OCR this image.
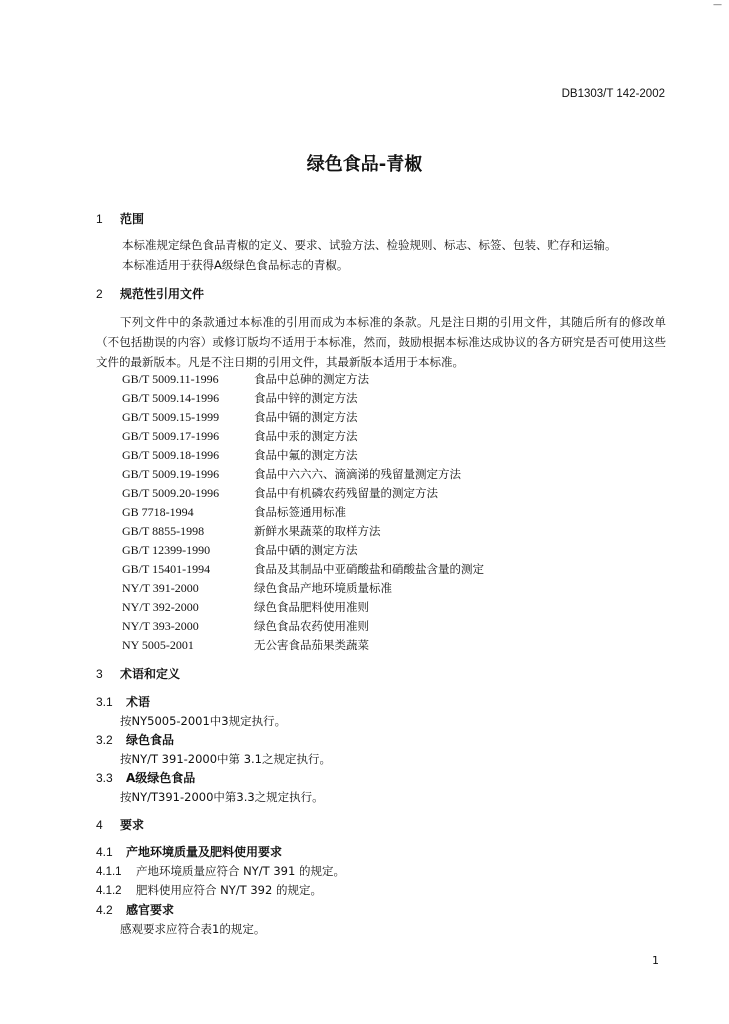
—
DB1303/T 142-2002
绿色食品-青椒
1 范围
本标准规定绿色食品青椒的定义、要求、试验方法、检验规则、标志、标签、包装、贮存和运输。
本标准适用于获得A级绿色食品标志的青椒。
2 规范性引用文件
下列文件中的条款通过本标准的引用而成为本标准的条款。凡是注日期的引用文件，其随后所有的修改单（不包括勘误的内容）或修订版均不适用于本标准，然而，鼓励根据本标准达成协议的各方研究是否可使用这些文件的最新版本。凡是不注日期的引用文件，其最新版本适用于本标准。
GB/T 5009.11-1996	食品中总砷的测定方法
GB/T 5009.14-1996	食品中锌的测定方法
GB/T 5009.15-1999	食品中镉的测定方法
GB/T 5009.17-1996	食品中汞的测定方法
GB/T 5009.18-1996	食品中氟的测定方法
GB/T 5009.19-1996	食品中六六六、滴滴涕的残留量测定方法
GB/T 5009.20-1996	食品中有机磷农药残留量的测定方法
GB 7718-1994	食品标签通用标准
GB/T 8855-1998	新鲜水果蔬菜的取样方法
GB/T 12399-1990	食品中硒的测定方法
GB/T 15401-1994	食品及其制品中亚硝酸盐和硝酸盐含量的测定
NY/T 391-2000	绿色食品产地环境质量标准
NY/T 392-2000	绿色食品肥料使用准则
NY/T 393-2000	绿色食品农药使用准则
NY 5005-2001	无公害食品茄果类蔬菜
3 术语和定义
3.1 术语
按NY5005-2001中3规定执行。
3.2 绿色食品
按NY/T 391-2000中第 3.1之规定执行。
3.3 A级绿色食品
按NY/T391-2000中第3.3之规定执行。
4 要求
4.1 产地环境质量及肥料使用要求
4.1.1 产地环境质量应符合 NY/T 391 的规定。
4.1.2 肥料使用应符合 NY/T 392 的规定。
4.2 感官要求
感观要求应符合表1的规定。
1
